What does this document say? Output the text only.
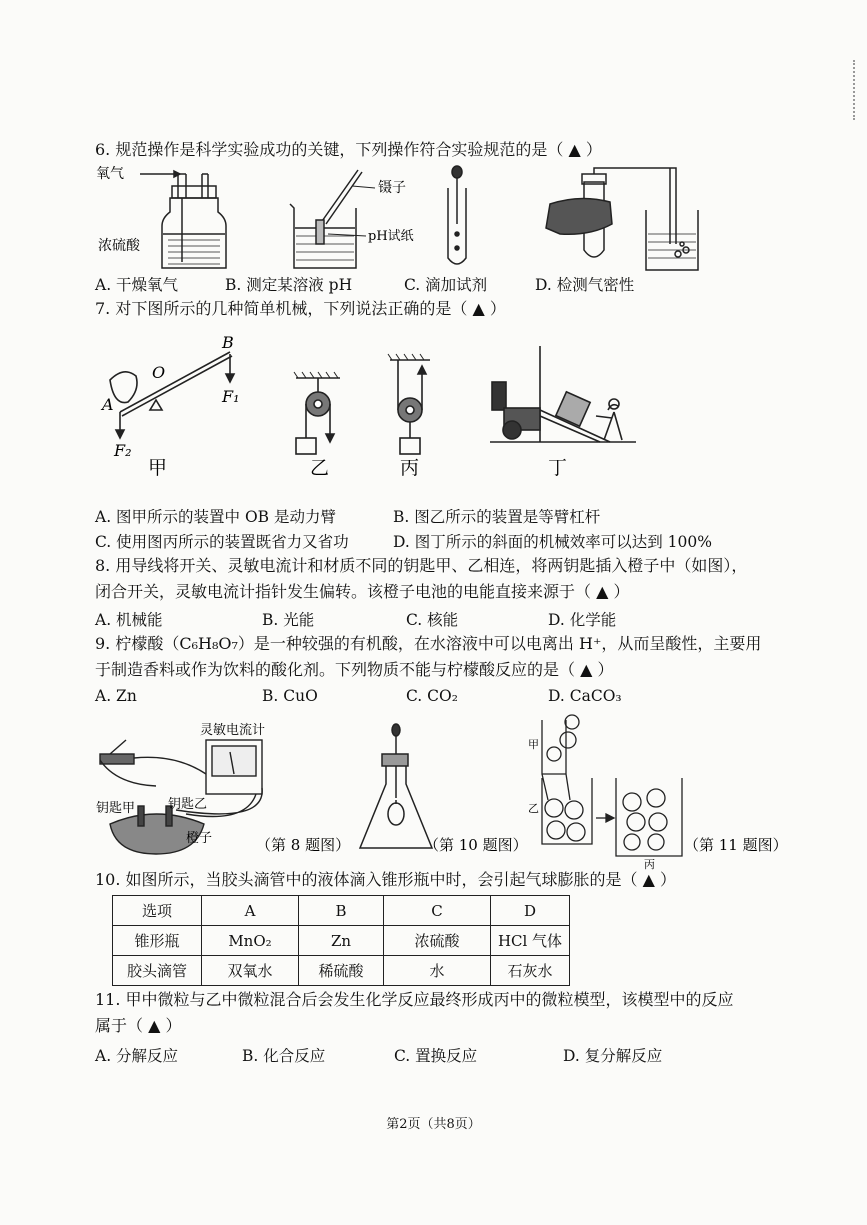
6. 规范操作是科学实验成功的关键，下列操作符合实验规范的是（ ▲ ）
氧气
浓硫酸
镊子
pH试纸
A. 干燥氧气	B. 测定某溶液 pH	C. 滴加试剂	D. 检测气密性
7. 对下图所示的几种简单机械，下列说法正确的是（ ▲ ）
B
O
A	F₁
F₂
甲	乙	丙	丁
A. 图甲所示的装置中 OB 是动力臂	B. 图乙所示的装置是等臂杠杆
C. 使用图丙所示的装置既省力又省功	D. 图丁所示的斜面的机械效率可以达到 100%
8. 用导线将开关、灵敏电流计和材质不同的钥匙甲、乙相连，将两钥匙插入橙子中（如图），
闭合开关，灵敏电流计指针发生偏转。该橙子电池的电能直接来源于（ ▲ ）
A. 机械能	B. 光能	C. 核能	D. 化学能
9. 柠檬酸（C₆H₈O₇）是一种较强的有机酸，在水溶液中可以电离出 H⁺，从而呈酸性，主要用
于制造香料或作为饮料的酸化剂。下列物质不能与柠檬酸反应的是（ ▲ ）
A. Zn	B. CuO	C. CO₂	D. CaCO₃
灵敏电流计
钥匙甲	钥匙乙
橙子	（第 8 题图）	（第 10 题图）
甲
乙
丙
（第 11 题图）
10. 如图所示，当胶头滴管中的液体滴入锥形瓶中时，会引起气球膨胀的是（ ▲ ）
选项	A	B	C	D
锥形瓶	MnO₂	Zn	浓硫酸	HCl 气体
胶头滴管	双氧水	稀硫酸	水	石灰水
11. 甲中微粒与乙中微粒混合后会发生化学反应最终形成丙中的微粒模型，该模型中的反应
属于（ ▲ ）
A. 分解反应	B. 化合反应	C. 置换反应	D. 复分解反应
第2页（共8页）
